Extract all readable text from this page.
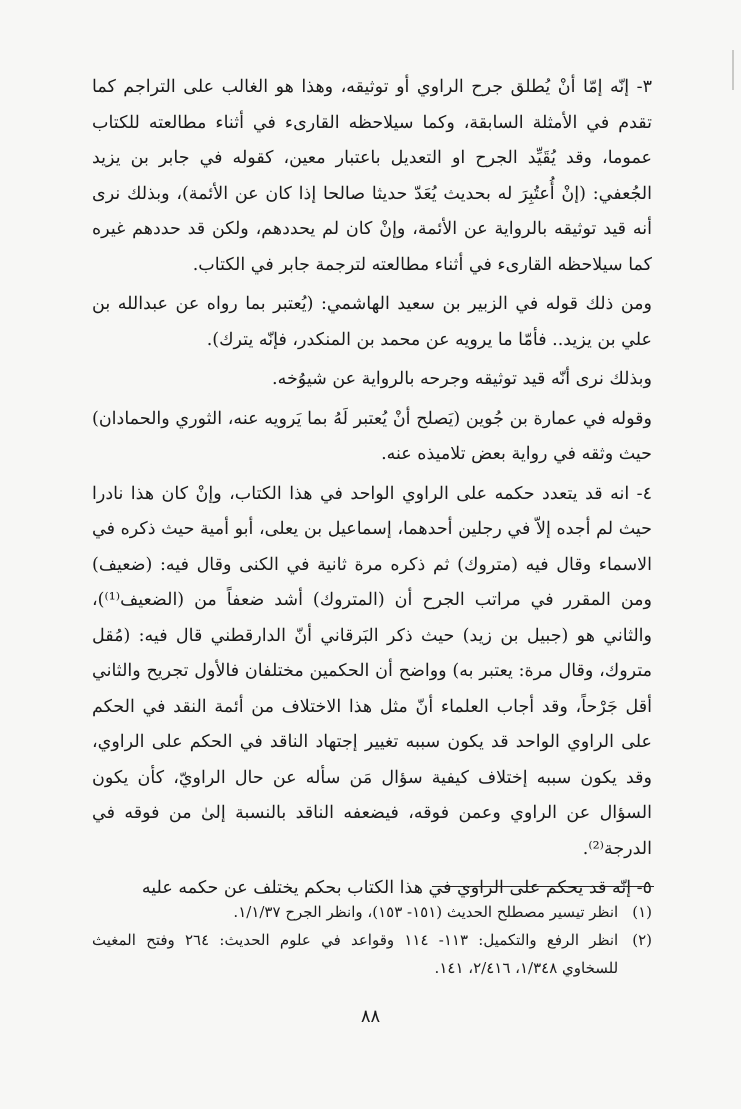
٣- إنّه إمّا أنْ يُطلق جرح الراوي أو توثيقه، وهذا هو الغالب على التراجم كما تقدم في الأمثلة السابقة، وكما سيلاحظه القارىء في أثناء مطالعته للكتاب عموما، وقد يُقَيِّد الجرح او التعديل باعتبار معين، كقوله في جابر بن يزيد الجُعفي: (إنْ أُعتُبِرَ له بحديث يُعَدّ حديثا صالحا إذا كان عن الأئمة)، وبذلك نرى أنه قيد توثيقه بالرواية عن الأئمة، وإنْ كان لم يحددهم، ولكن قد حددهم غيره كما سيلاحظه القارىء في أثناء مطالعته لترجمة جابر في الكتاب.

ومن ذلك قوله في الزبير بن سعيد الهاشمي: (يُعتبر بما رواه عن عبدالله بن علي بن يزيد.. فأمّا ما يرويه عن محمد بن المنكدر، فإنّه يترك).

وبذلك نرى أنّه قيد توثيقه وجرحه بالرواية عن شيوُخه.

وقوله في عمارة بن جُوين (يَصلح أنْ يُعتبر لَهُ بما يَرويه عنه، الثوري والحمادان) حيث وثقه في رواية بعض تلاميذه عنه.

٤- انه قد يتعدد حكمه على الراوي الواحد في هذا الكتاب، وإنْ كان هذا نادرا حيث لم أجده إلاّ في رجلين أحدهما، إسماعيل بن يعلى، أبو أمية حيث ذكره في الاسماء وقال فيه (متروك) ثم ذكره مرة ثانية في الكنى وقال فيه: (ضعيف) ومن المقرر في مراتب الجرح أن (المتروك) أشد ضعفاً من (الضعيف⁽¹⁾)، والثاني هو (جبيل بن زيد) حيث ذكر البَرقاني أنّ الدارقطني قال فيه: (مُقل متروك، وقال مرة: يعتبر به) وواضح أن الحكمين مختلفان فالأول تجريح والثاني أقل جَرْحاً، وقد أجاب العلماء أنّ مثل هذا الاختلاف من أئمة النقد في الحكم على الراوي الواحد قد يكون سببه تغيير إجتهاد الناقد في الحكم على الراوي، وقد يكون سببه إختلاف كيفية سؤال مَن سأله عن حال الراويّ، كأن يكون السؤال عن الراوي وعمن فوقه، فيضعفه الناقد بالنسبة إلىٰ من فوقه في الدرجة⁽²⁾.

٥- إنّه قد يحكم على الراوي في هذا الكتاب بحكم يختلف عن حكمه عليه

(١)
انظر تيسير مصطلح الحديث (١٥١- ١٥٣)، وانظر الجرح ١/١/٣٧.

(٢)
انظر الرفع والتكميل: ١١٣- ١١٤ وقواعد في علوم الحديث: ٢٦٤ وفتح المغيث للسخاوي ١/٣٤٨، ٢/٤١٦، ١٤١.

٨٨
